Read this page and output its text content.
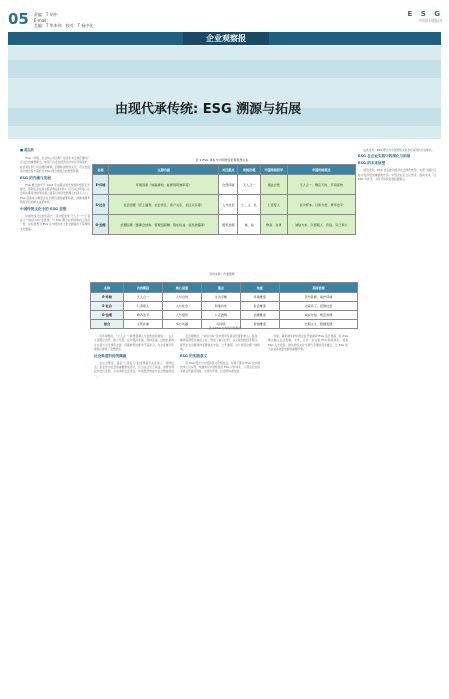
05 责编：T 胡中
E-mail：
美编：T 毕本伟　校对：T 杨中化
E S G
中国环境报社
企业观察报
由现代承传统: ESG 溯源与拓展
■ 胡志浩

ESG（环境、社会和公司治理）是近年来全球范围内广泛关注的重要理念，体现了企业在经营活动中对环境保护、社会责任和公司治理的重视。回溯中国传统文化，可以发现其中蕴含着丰富的与 ESG 理念相契合的思想资源。

ESG 的内涵与发展

ESG 概念最早于 2004 年由联合国全球契约组织正式提出，强调企业在追求经济效益的同时，应当关注环境、社会和治理等非财务因素。随着可持续发展理念的深入人心，ESG 逐渐成为衡量企业长期价值的重要标准，被越来越多的投资机构纳入决策体系。

中国传统文化中的 ESG 思想

中国传统文化源远流长，其中蕴含的“天人合一”“仁者爱人”“诚信为本”等思想，与 ESG 理念在价值取向上高度一致。这些思想为 ESG 在中国的本土化发展提供了深厚的文化根基。

表 1 ESG 体系与中国传统伦理思想关系
名称	主要内涵	关注重点	传统伦理	中国传统哲学	中国传统观念
E-环境	环境因素（如碳排放、能源利用效率等）	自然环境	天人合一	道法自然	天人合一、顺应天时、节用爱物
S-社会	社会因素（员工福利、社会责任、客户关系、社区关系等）	人与社会	仁、义、礼	仁者爱人	民为邦本、以和为贵、修齐治平
G-治理	治理因素（董事会结构、管理层薪酬、股东权益、信息披露等）	组织治理	诚、信	修身、自律	诚信为本、以德服人、忠信、克己奉公
资料来源：作者整理
名称	内容概括	核心层面	重点	角度	具体表现
E-环境	天人合一	人与自然	生态平衡	环境维度	节约资源、保护环境
S-社会	仁者爱人	人与社会	和谐共处	社会维度	关爱员工、回馈社会
G-治理	修齐治平	人与组织	公正透明	治理维度	诚实守信、规范治理
综合	义利并重	多方共赢	可持续	价值维度	长期主义、稳健发展
表 2 ESG 与传统价值理念

在环境维度，“天人合一”思想强调人与自然的和谐统一。古人主张顺应自然、取之有度，反对竭泽而渔、焚林而猎。这种朴素的生态观与当今绿色发展、低碳转型的要求不谋而合，为企业履行环境责任提供了思想源泉。

社会维度的传统渊源

在社会维度，儒家“仁者爱人”的思想倡导关爱他人、回馈社会。企业作为社会的重要组成部分，应当关注员工权益、消费者利益和社区发展，主动承担社会责任，实现经济效益与社会效益的统一。

在治理维度，“诚信为本”是中国传统商业伦理的核心。晋商、徽商等商帮以诚信立业，形成了重义轻利、以义取利的经营理念。现代企业治理同样需要诚实守信、公开透明，这与传统伦理一脉相承。

ESG 的实践意义

将 ESG 理念与中国传统文化相结合，有助于推动 ESG 在中国的本土化实践，构建具有中国特色的 ESG 评价体系，引导企业在追求商业价值的同时，实现与环境、社会的协调发展。

当前，越来越多的中国企业开始重视 ESG 信息披露，将 ESG 理念融入企业战略。未来，应进一步完善 ESG 制度体系，加强 ESG 人才培养，推动传统文化与现代治理的深度融合，让 ESG 成为企业高质量发展的重要引擎。

由此可见，ESG 理念与中国传统文化存在深刻的内在联系。

ESG 在企业实践中的深化与拓展
ESG 的未来展望

展望未来，ESG 将在推动经济社会绿色转型、实现“双碳”目标中发挥更加重要的作用。中国企业应立足传统、面向未来，以 ESG 为抓手，书写可持续发展的新篇章。
